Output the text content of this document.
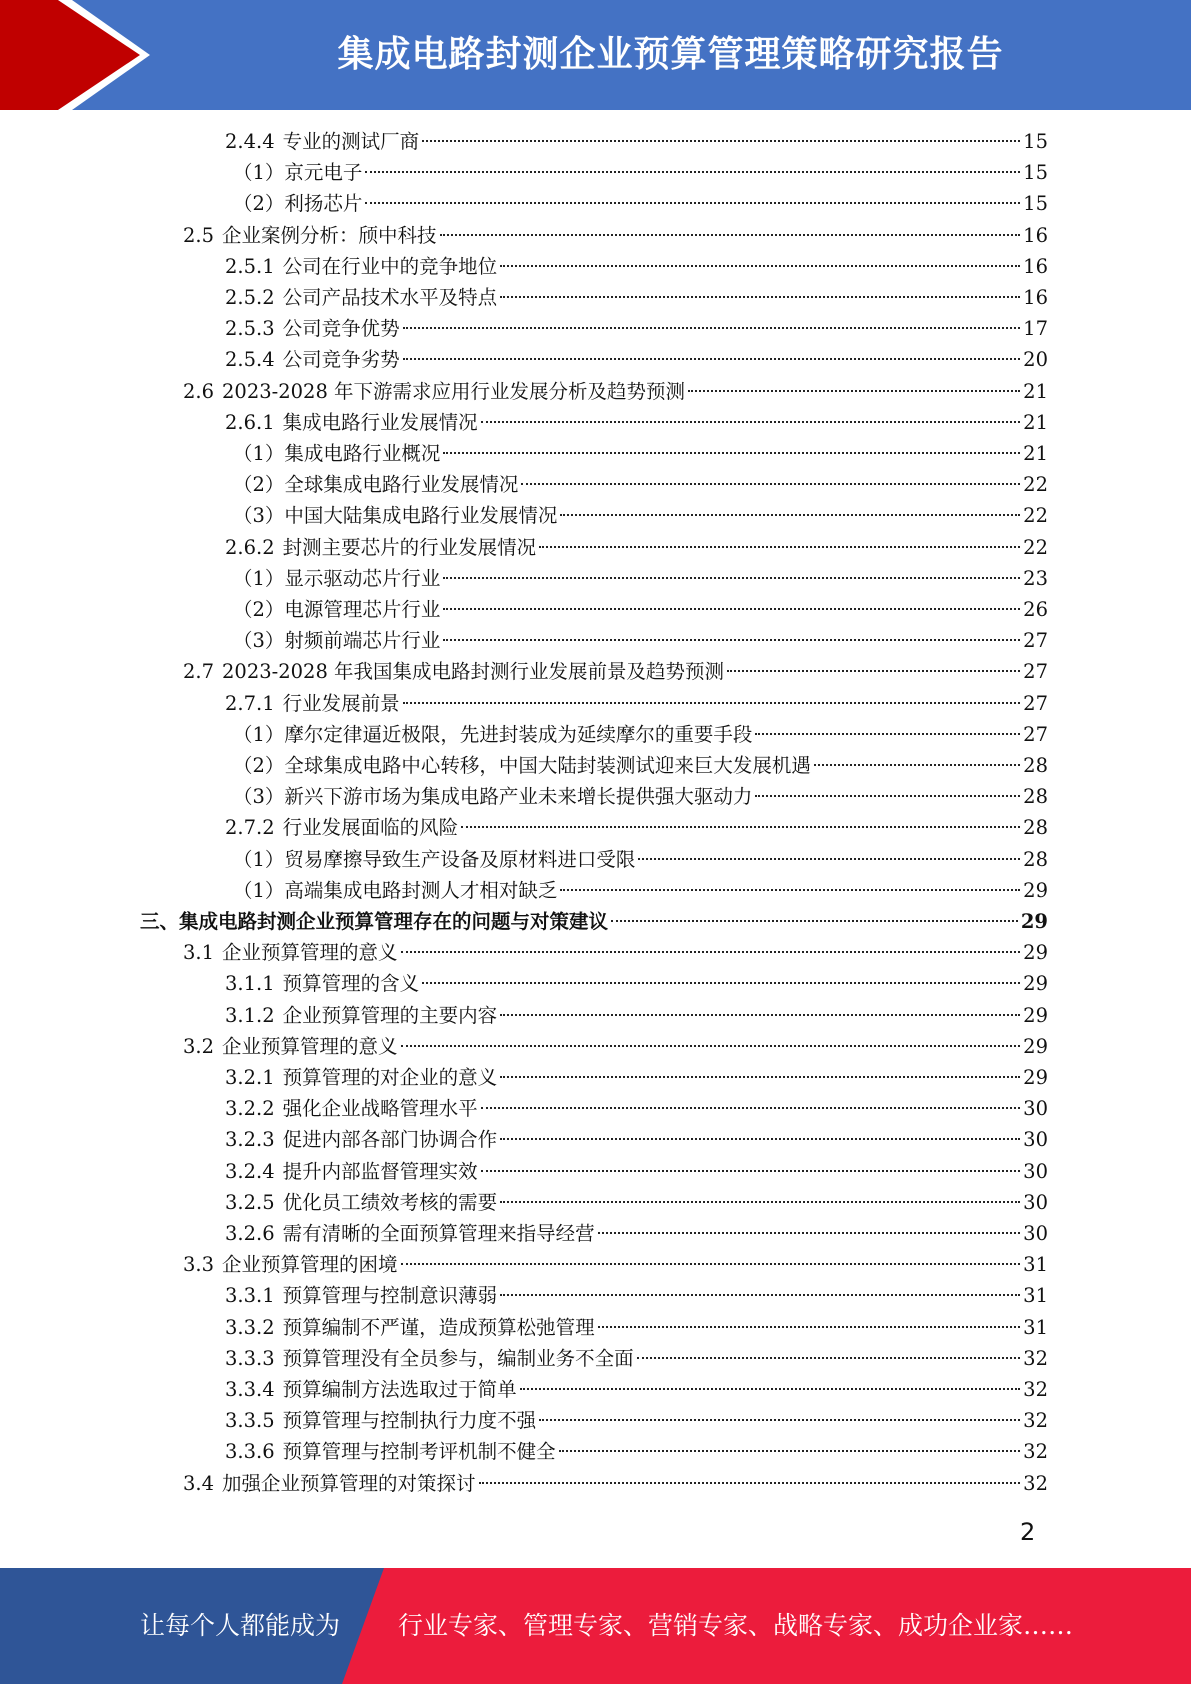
集成电路封测企业预算管理策略研究报告
2.4.4 专业的测试厂商	15
（1）京元电子	15
（2）利扬芯片	15
2.5 企业案例分析：颀中科技	16
2.5.1 公司在行业中的竞争地位	16
2.5.2 公司产品技术水平及特点	16
2.5.3 公司竞争优势	17
2.5.4 公司竞争劣势	20
2.6 2023-2028 年下游需求应用行业发展分析及趋势预测	21
2.6.1 集成电路行业发展情况	21
（1）集成电路行业概况	21
（2）全球集成电路行业发展情况	22
（3）中国大陆集成电路行业发展情况	22
2.6.2 封测主要芯片的行业发展情况	22
（1）显示驱动芯片行业	23
（2）电源管理芯片行业	26
（3）射频前端芯片行业	27
2.7 2023-2028 年我国集成电路封测行业发展前景及趋势预测	27
2.7.1 行业发展前景	27
（1）摩尔定律逼近极限，先进封装成为延续摩尔的重要手段	27
（2）全球集成电路中心转移，中国大陆封装测试迎来巨大发展机遇	28
（3）新兴下游市场为集成电路产业未来增长提供强大驱动力	28
2.7.2 行业发展面临的风险	28
（1）贸易摩擦导致生产设备及原材料进口受限	28
（1）高端集成电路封测人才相对缺乏	29
三、集成电路封测企业预算管理存在的问题与对策建议	29
3.1 企业预算管理的意义	29
3.1.1 预算管理的含义	29
3.1.2 企业预算管理的主要内容	29
3.2 企业预算管理的意义	29
3.2.1 预算管理的对企业的意义	29
3.2.2 强化企业战略管理水平	30
3.2.3 促进内部各部门协调合作	30
3.2.4 提升内部监督管理实效	30
3.2.5 优化员工绩效考核的需要	30
3.2.6 需有清晰的全面预算管理来指导经营	30
3.3 企业预算管理的困境	31
3.3.1 预算管理与控制意识薄弱	31
3.3.2 预算编制不严谨，造成预算松弛管理	31
3.3.3 预算管理没有全员参与，编制业务不全面	32
3.3.4 预算编制方法选取过于简单	32
3.3.5 预算管理与控制执行力度不强	32
3.3.6 预算管理与控制考评机制不健全	32
3.4 加强企业预算管理的对策探讨	32
2
让每个人都能成为 行业专家、管理专家、营销专家、战略专家、成功企业家……
